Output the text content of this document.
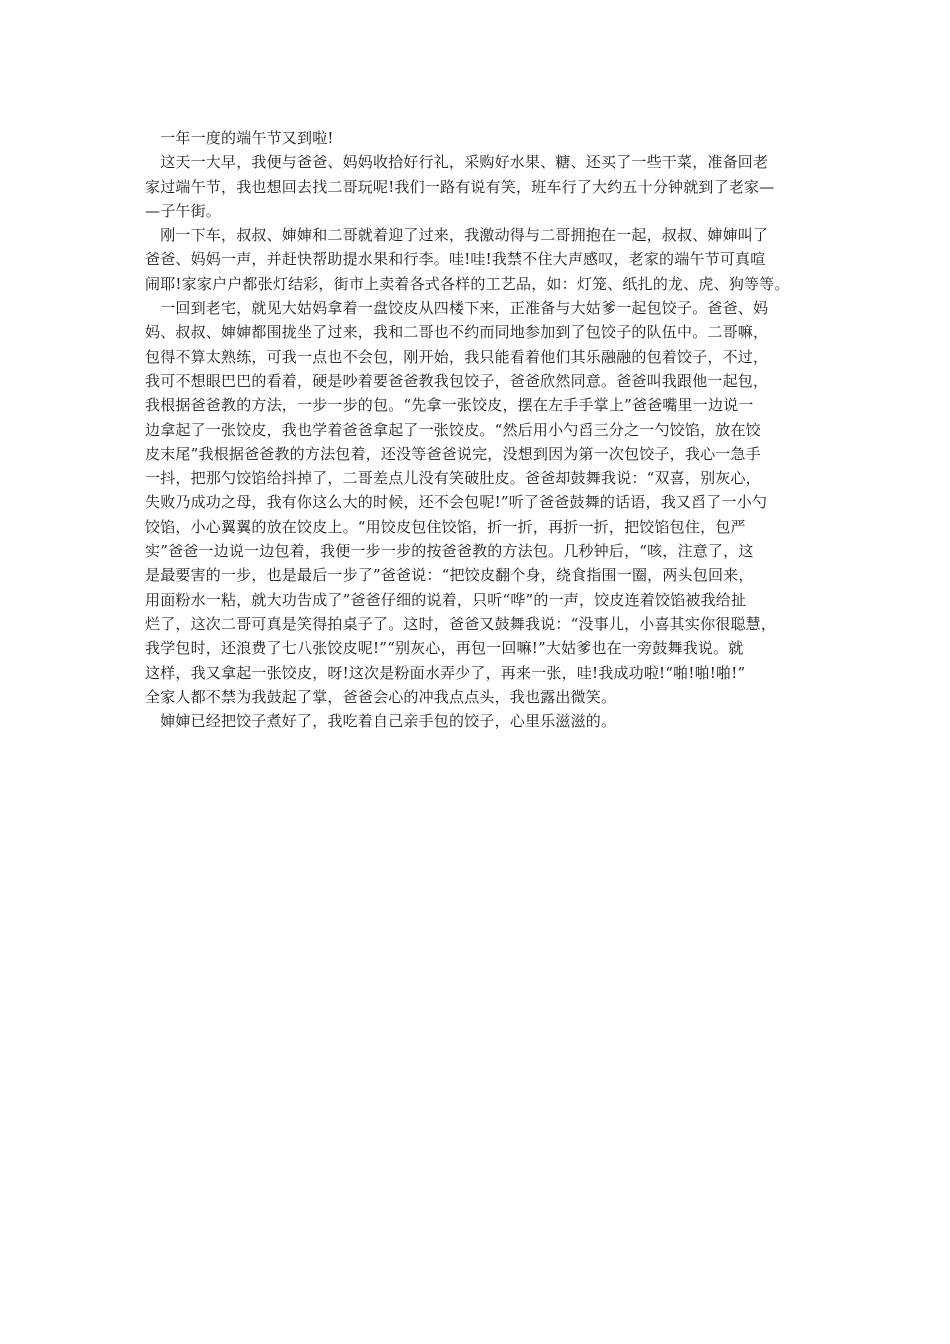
　一年一度的端午节又到啦!
　这天一大早，我便与爸爸、妈妈收拾好行礼，采购好水果、糖、还买了一些干菜，准备回老
家过端午节，我也想回去找二哥玩呢!我们一路有说有笑，班车行了大约五十分钟就到了老家—
—子午街。
　刚一下车，叔叔、婶婶和二哥就着迎了过来，我激动得与二哥拥抱在一起，叔叔、婶婶叫了
爸爸、妈妈一声，并赶快帮助提水果和行李。哇!哇!我禁不住大声感叹，老家的端午节可真喧
闹耶!家家户户都张灯结彩，街市上卖着各式各样的工艺品，如：灯笼、纸扎的龙、虎、狗等等。
　一回到老宅，就见大姑妈拿着一盘饺皮从四楼下来，正准备与大姑爹一起包饺子。爸爸、妈
妈、叔叔、婶婶都围拢坐了过来，我和二哥也不约而同地参加到了包饺子的队伍中。二哥嘛，
包得不算太熟练，可我一点也不会包，刚开始，我只能看着他们其乐融融的包着饺子，不过，
我可不想眼巴巴的看着，硬是吵着要爸爸教我包饺子，爸爸欣然同意。爸爸叫我跟他一起包，
我根据爸爸教的方法，一步一步的包。“先拿一张饺皮，摆在左手手掌上”爸爸嘴里一边说一
边拿起了一张饺皮，我也学着爸爸拿起了一张饺皮。“然后用小勺舀三分之一勺饺馅，放在饺
皮末尾”我根据爸爸教的方法包着，还没等爸爸说完，没想到因为第一次包饺子，我心一急手
一抖，把那勺饺馅给抖掉了，二哥差点儿没有笑破肚皮。爸爸却鼓舞我说：“双喜，别灰心，
失败乃成功之母，我有你这么大的时候，还不会包呢!”听了爸爸鼓舞的话语，我又舀了一小勺
饺馅，小心翼翼的放在饺皮上。“用饺皮包住饺馅，折一折，再折一折，把饺馅包住，包严
实”爸爸一边说一边包着，我便一步一步的按爸爸教的方法包。几秒钟后，“咳，注意了，这
是最要害的一步，也是最后一步了”爸爸说：“把饺皮翻个身，绕食指围一圈，两头包回来，
用面粉水一粘，就大功告成了”爸爸仔细的说着，只听“哗”的一声，饺皮连着饺馅被我给扯
烂了，这次二哥可真是笑得拍桌子了。这时，爸爸又鼓舞我说：“没事儿，小喜其实你很聪慧，
我学包时，还浪费了七八张饺皮呢!”“别灰心，再包一回嘛!”大姑爹也在一旁鼓舞我说。就
这样，我又拿起一张饺皮，呀!这次是粉面水弄少了，再来一张，哇!我成功啦!“啪!啪!啪!”
全家人都不禁为我鼓起了掌，爸爸会心的冲我点点头，我也露出微笑。
　婶婶已经把饺子煮好了，我吃着自己亲手包的饺子，心里乐滋滋的。
